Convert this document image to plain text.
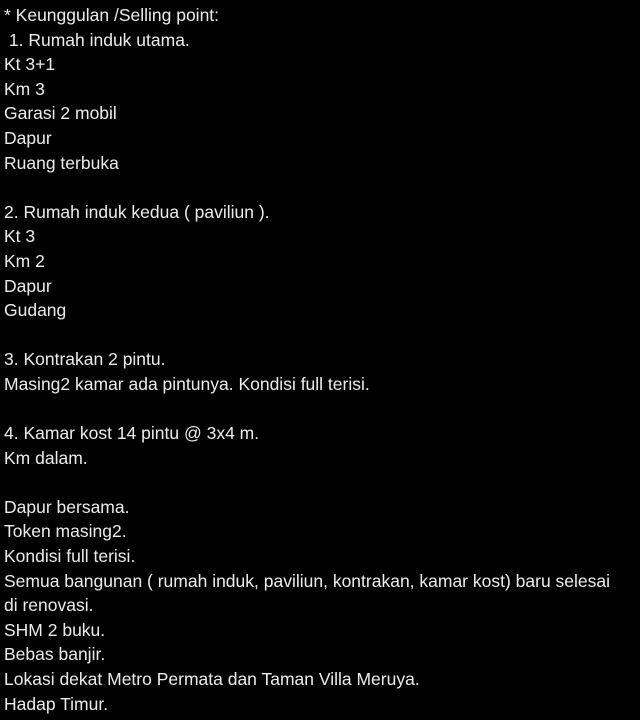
* Keunggulan /Selling point:
1. Rumah induk utama.
Kt 3+1
Km 3
Garasi 2 mobil
Dapur
Ruang terbuka
2. Rumah induk kedua ( paviliun ).
Kt 3
Km 2
Dapur
Gudang
3. Kontrakan 2 pintu.
Masing2 kamar ada pintunya. Kondisi full terisi.
4. Kamar kost 14 pintu @ 3x4 m.
Km dalam.
Dapur bersama.
Token masing2.
Kondisi full terisi.
Semua bangunan ( rumah induk, paviliun, kontrakan, kamar kost) baru selesai
di renovasi.
SHM 2 buku.
Bebas banjir.
Lokasi dekat Metro Permata dan Taman Villa Meruya.
Hadap Timur.
